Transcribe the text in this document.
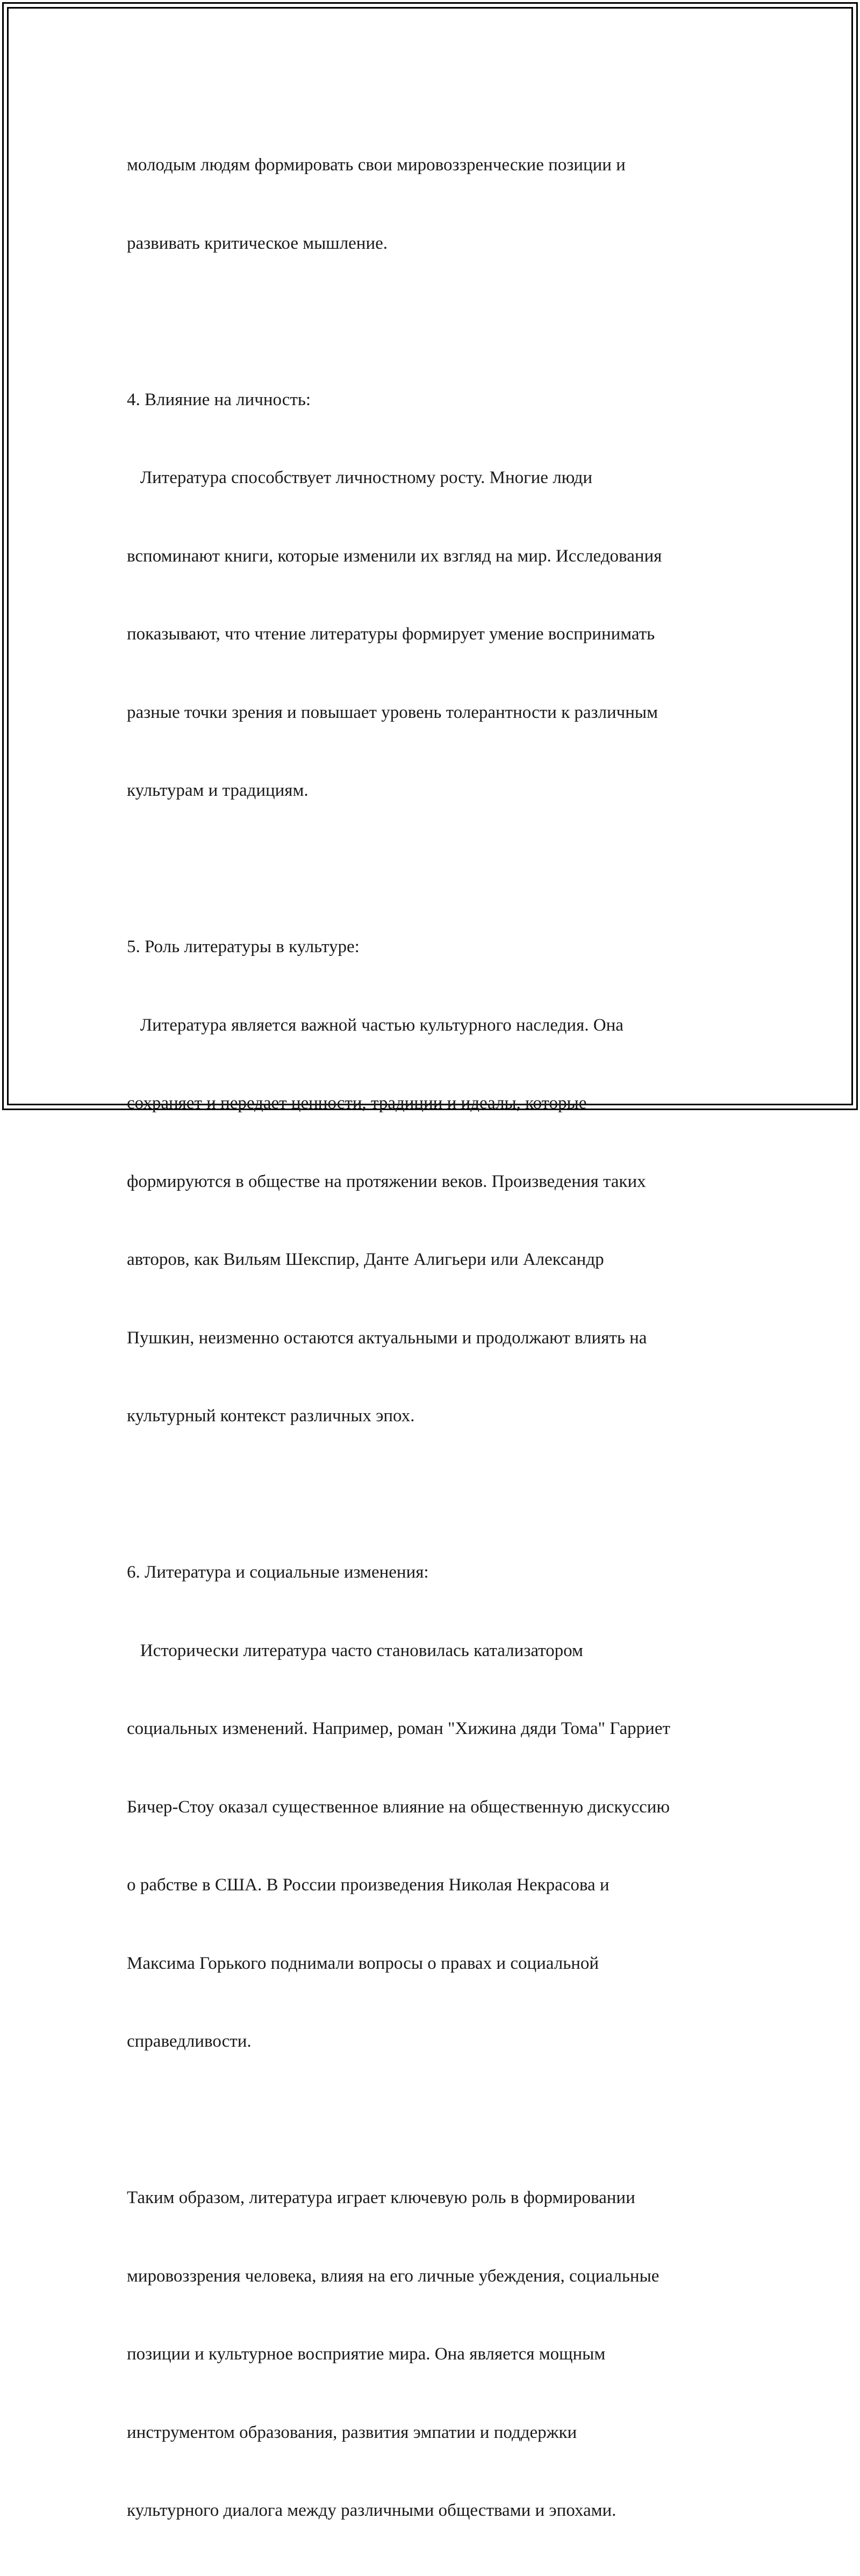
молодым людям формировать свои мировоззренческие позиции и

развивать критическое мышление.

4. Влияние на личность:

Литература способствует личностному росту. Многие люди

вспоминают книги, которые изменили их взгляд на мир. Исследования

показывают, что чтение литературы формирует умение воспринимать

разные точки зрения и повышает уровень толерантности к различным

культурам и традициям.

5. Роль литературы в культуре:

Литература является важной частью культурного наследия. Она

сохраняет и передает ценности, традиции и идеалы, которые

формируются в обществе на протяжении веков. Произведения таких

авторов, как Вильям Шекспир, Данте Алигьери или Александр

Пушкин, неизменно остаются актуальными и продолжают влиять на

культурный контекст различных эпох.

6. Литература и социальные изменения:

Исторически литература часто становилась катализатором

социальных изменений. Например, роман "Хижина дяди Тома" Гарриет

Бичер-Стоу оказал существенное влияние на общественную дискуссию

о рабстве в США. В России произведения Николая Некрасова и

Максима Горького поднимали вопросы о правах и социальной

справедливости.

Таким образом, литература играет ключевую роль в формировании

мировоззрения человека, влияя на его личные убеждения, социальные

позиции и культурное восприятие мира. Она является мощным

инструментом образования, развития эмпатии и поддержки

культурного диалога между различными обществами и эпохами.
